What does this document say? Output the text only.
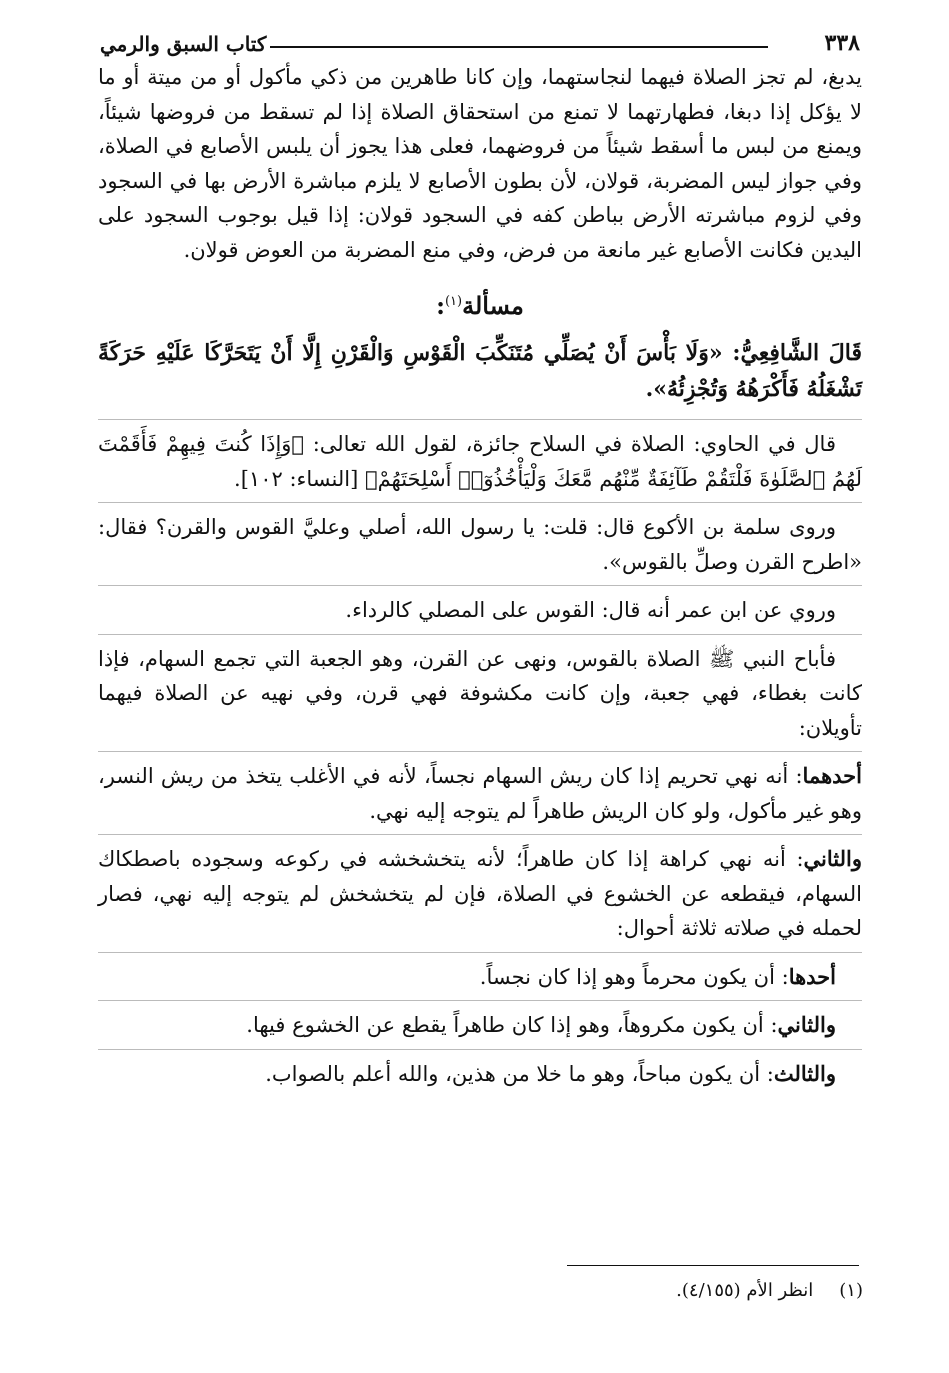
٣٣٨
كتاب السبق والرمي

يدبغ، لم تجز الصلاة فيهما لنجاستهما، وإن كانا طاهرين من ذكي مأكول أو من ميتة أو ما لا يؤكل إذا دبغا، فطهارتهما لا تمنع من استحقاق الصلاة إذا لم تسقط من فروضها شيئاً، ويمنع من لبس ما أسقط شيئاً من فروضهما، فعلى هذا يجوز أن يلبس الأصابع في الصلاة، وفي جواز ليس المضربة، قولان، لأن بطون الأصابع لا يلزم مباشرة الأرض بها في السجود وفي لزوم مباشرته الأرض بباطن كفه في السجود قولان: إذا قيل بوجوب السجود على اليدين فكانت الأصابع غير مانعة من فرض، وفي منع المضربة من العوض قولان.

مسألة$^{(١)}$:

قَالَ الشَّافِعِيُّ: «وَلَا بَأْسَ أَنْ يُصَلِّي مُتَنَكِّبَ الْقَوْسِ وَالْقَرْنِ إِلَّا أَنْ يَتَحَرَّكَا عَلَيْهِ حَرَكَةً تَشْغَلُهُ فَأَكْرَهُهُ وَتُجْزِئُهُ».

قال في الحاوي: الصلاة في السلاح جائزة، لقول الله تعالى: ﴿وَإِذَا كُنتَ فِيهِمْ فَأَقَمْتَ لَهُمُ ٱلصَّلَوٰةَ فَلْتَقُمْ طَآئِفَةٌ مِّنْهُم مَّعَكَ وَلْيَأْخُذُوٓا۟ أَسْلِحَتَهُمْ﴾ [النساء: ١٠٢].

وروى سلمة بن الأكوع قال: قلت: يا رسول الله، أصلي وعليَّ القوس والقرن؟ فقال: «اطرح القرن وصلِّ بالقوس».

وروي عن ابن عمر أنه قال: القوس على المصلي كالرداء.

فأباح النبي ﷺ الصلاة بالقوس، ونهى عن القرن، وهو الجعبة التي تجمع السهام، فإذا كانت بغطاء، فهي جعبة، وإن كانت مكشوفة فهي قرن، وفي نهيه عن الصلاة فيهما تأويلان:

أحدهما: أنه نهي تحريم إذا كان ريش السهام نجساً، لأنه في الأغلب يتخذ من ريش النسر، وهو غير مأكول، ولو كان الريش طاهراً لم يتوجه إليه نهي.

والثاني: أنه نهي كراهة إذا كان طاهراً؛ لأنه يتخشخشه في ركوعه وسجوده باصطكاك السهام، فيقطعه عن الخشوع في الصلاة، فإن لم يتخشخش لم يتوجه إليه نهي، فصار لحمله في صلاته ثلاثة أحوال:

أحدها: أن يكون محرماً وهو إذا كان نجساً.

والثاني: أن يكون مكروهاً، وهو إذا كان طاهراً يقطع عن الخشوع فيها.

والثالث: أن يكون مباحاً، وهو ما خلا من هذين، والله أعلم بالصواب.

(١)انظر الأم (٤/١٥٥).
